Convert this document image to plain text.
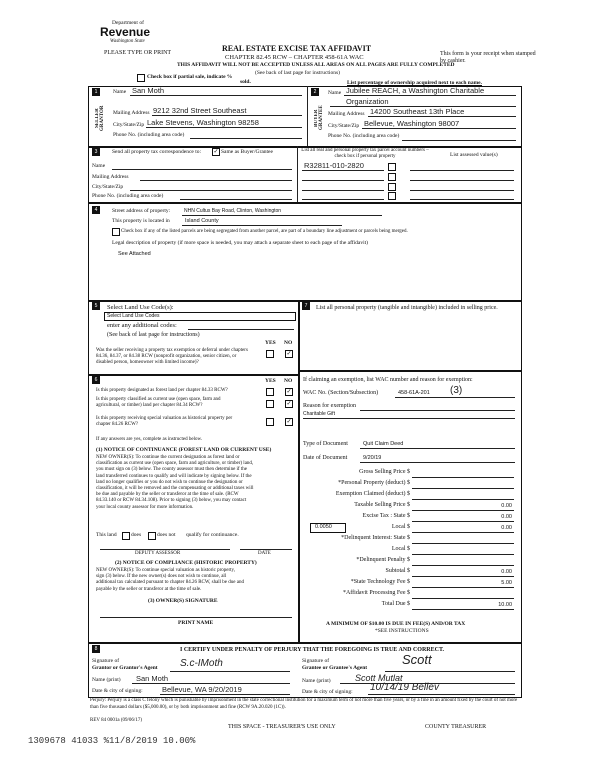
Department of
Revenue
Washington State
PLEASE TYPE OR PRINT	REAL ESTATE EXCISE TAX AFFIDAVIT
CHAPTER 82.45 RCW – CHAPTER 458-61A WAC
THIS AFFIDAVIT WILL NOT BE ACCEPTED UNLESS ALL AREAS ON ALL PAGES ARE FULLY COMPLETED
This form is your receipt when stamped by cashier.
(See back of last page for instructions)
Check box if partial sale, indicate %
sold.	List percentage of ownership acquired next to each name.
1	2
SELLER GRANTOR	BUYER GRANTEE
Name San Moth
Mailing Address 9212 32nd Street Southeast
City/State/Zip Lake Stevens, Washington 98258
Phone No. (including area code)
Name Jubilee REACH, a Washington Charitable
Organization
Mailing Address 14200 Southeast 13th Place
City/State/Zip Bellevue, Washington 98007
Phone No. (including area code)
3	Send all property tax correspondence to: ✓ Same as Buyer/Grantee
Name
Mailing Address
City/State/Zip
Phone No. (including area code)
List all real and personal property tax parcel account numbers – check box if personal property	List assessed value(s)
R32811-010-2820
4	Street address of property:	NHN Cultus Bay Road, Clinton, Washington
This property is located in	Island County
Check box if any of the listed parcels are being segregated from another parcel, are part of a boundary line adjustment or parcels being merged.
Legal description of property (if more space is needed, you may attach a separate sheet to each page of the affidavit)
See Attached
5	Select Land Use Code(s):
Select Land Use Codes
enter any additional codes:
(See back of last page for instructions)
YES NO
Was the seller receiving a property tax exemption or deferral under chapters 84.36, 84.37, or 84.38 RCW (nonprofit organization, senior citizen, or disabled person, homeowner with limited income)?
✓
6	YES NO
Is this property designated as forest land per chapter 84.33 RCW?	✓
Is this property classified as current use (open space, farm and agricultural, or timber) land per chapter 84.34 RCW?	✓
Is this property receiving special valuation as historical property per chapter 84.26 RCW?	✓
If any answers are yes, complete as instructed below.
(1) NOTICE OF CONTINUANCE (FOREST LAND OR CURRENT USE)
NEW OWNER(S): To continue the current designation as forest land or
classification as current use (open space, farm and agriculture, or timber) land,
you must sign on (3) below. The county assessor must then determine if the
land transferred continues to qualify and will indicate by signing below. If the
land no longer qualifies or you do not wish to continue the designation or
classification, it will be removed and the compensating or additional taxes will
be due and payable by the seller or transferor at the time of sale. (RCW
84.33.140 or RCW 84.34.108). Prior to signing (3) below, you may contact
your local county assessor for more information.
This land	does	does not qualify for continuance.
DEPUTY ASSESSOR	DATE
(2) NOTICE OF COMPLIANCE (HISTORIC PROPERTY)
NEW OWNER(S): To continue special valuation as historic property,
sign (3) below. If the new owner(s) does not wish to continue, all
additional tax calculated pursuant to chapter 84.26 RCW, shall be due and
payable by the seller or transferor at the time of sale.
(3) OWNER(S) SIGNATURE
PRINT NAME
7	List all personal property (tangible and intangible) included in selling price.
If claiming an exemption, list WAC number and reason for exemption:
WAC No. (Section/Subsection)	458-61A-201 (3)
Reason for exemption
Charitable Gift
Type of Document	Quit Claim Deed
Date of Document	9/20/19
Gross Selling Price $
*Personal Property (deduct) $
Exemption Claimed (deduct) $
Taxable Selling Price $	0.00
Excise Tax : State $	0.00
0.0050	Local $	0.00
*Delinquent Interest: State $
Local $
*Delinquent Penalty $
Subtotal $	0.00
*State Technology Fee $	5.00
*Affidavit Processing Fee $
Total Due $	10.00
A MINIMUM OF $10.00 IS DUE IN FEE(S) AND/OR TAX
*SEE INSTRUCTIONS
8	I CERTIFY UNDER PENALTY OF PERJURY THAT THE FOREGOING IS TRUE AND CORRECT.
Signature of
Grantor or Grantor's Agent S.c-IMoth
Name (print) San Moth
Date & city of signing:	Bellevue, WA 9/20/2019
Signature of
Grantee or Grantee's Agent
Scott
Name (print)	Scott Mutlat
Date & city of signing: 10/14/19 Bellev
Perjury: Perjury is a class C felony which is punishable by imprisonment in the state correctional institution for a maximum term of not more than five years, or by a fine in an amount fixed by the court of not more than five thousand dollars ($5,000.00), or by both imprisonment and fine (RCW 9A.20.020 (1C)).
REV 84 0001a (09/06/17)
THIS SPACE - TREASURER'S USE ONLY	COUNTY TREASURER
1309678 41033 %11/8/2019 10.00%
